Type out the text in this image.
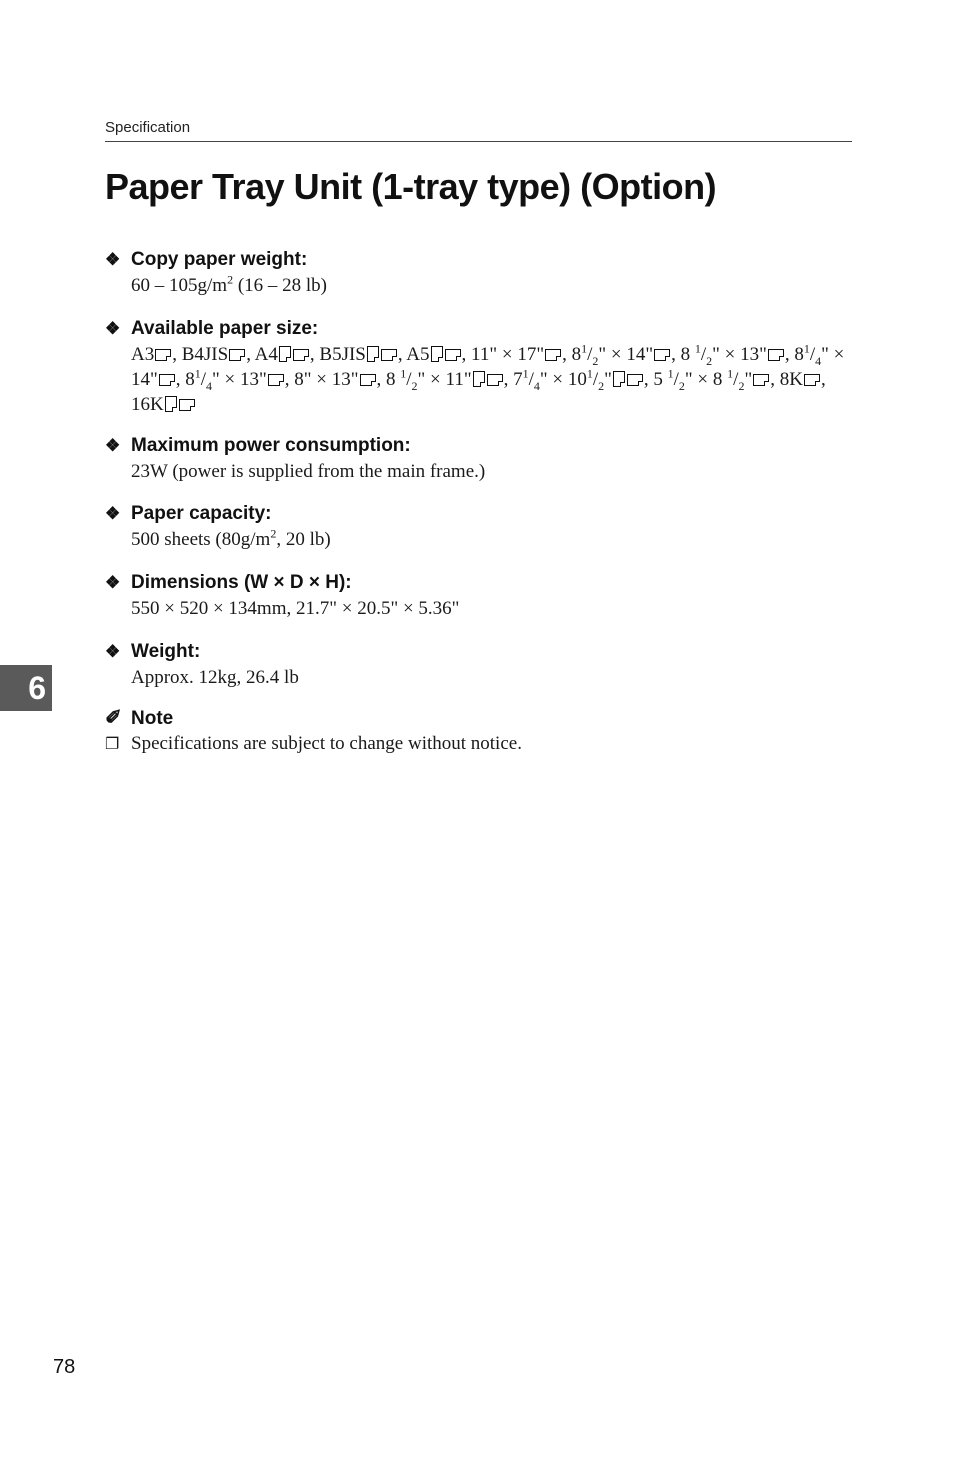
Specification
Paper Tray Unit (1-tray type) (Option)
❖ Copy paper weight:
$60 - 105g/m^2$ (16 – 28 lb)
❖ Available paper size:
A3 , B4JIS , A4 , B5JIS , A5 , 11" × 17" , $8^1/_2$" × 14" , 8 $^1/_2$" × 13" , $8^1/_4$" × 14" , $8^1/_4$" × 13" , 8" × 13" , 8 $^1/_2$" × 11" , $7^1/_4$" × $10^1/_2$" , 5 $^1/_2$" × 8 $^1/_2$" , 8K , 16K
❖ Maximum power consumption:
23W (power is supplied from the main frame.)
❖ Paper capacity:
500 sheets ($80g/m^2$, 20 lb)
❖ Dimensions (W × D × H):
550 × 520 × 134mm, 21.7" × 20.5" × 5.36"
❖ Weight:
Approx. 12kg, 26.4 lb
✐ Note
❐ Specifications are subject to change without notice.
6
78
